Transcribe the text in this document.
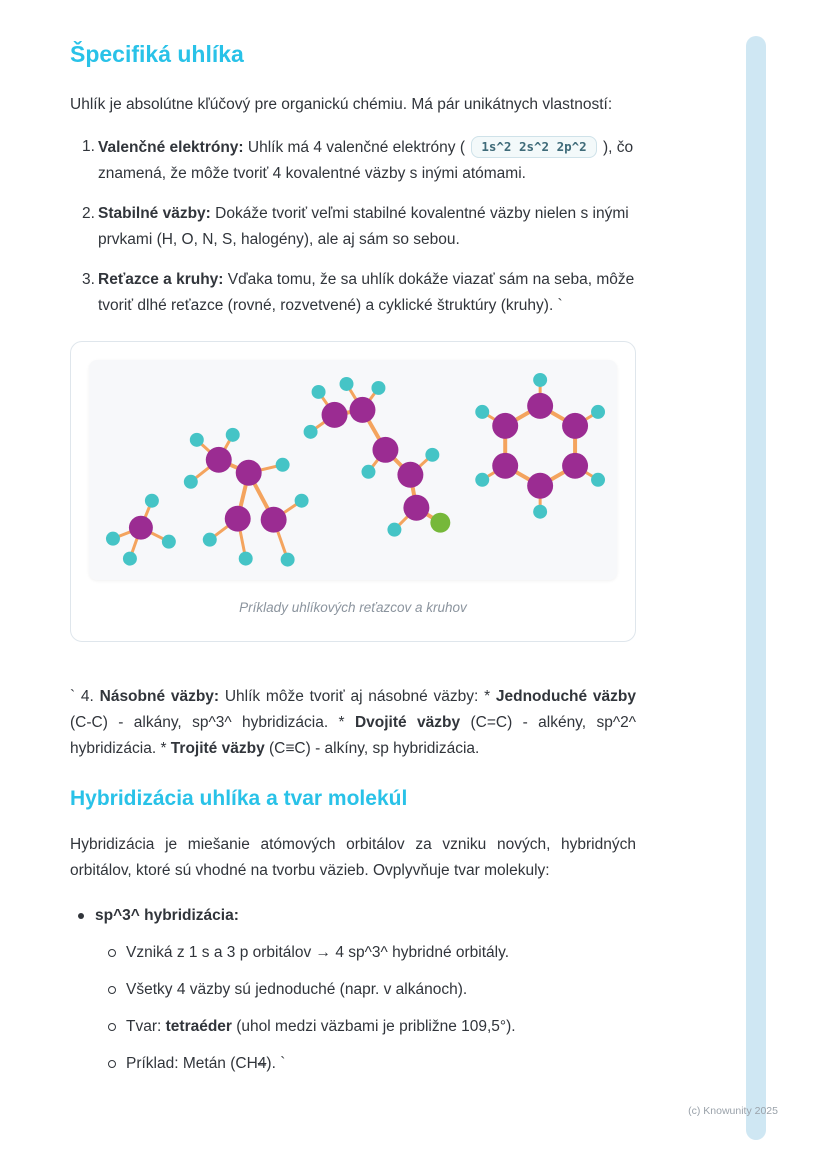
Špecifiká uhlíka

Uhlík je absolútne kľúčový pre organickú chémiu. Má pár unikátnych vlastností:

1. Valenčné elektróny: Uhlík má 4 valenčné elektróny ( 1s^2 2s^2 2p^2 ), čo znamená, že môže tvoriť 4 kovalentné väzby s inými atómami.

2. Stabilné väzby: Dokáže tvoriť veľmi stabilné kovalentné väzby nielen s inými prvkami (H, O, N, S, halogény), ale aj sám so sebou.

3. Reťazce a kruhy: Vďaka tomu, že sa uhlík dokáže viazať sám na seba, môže tvoriť dlhé reťazce (rovné, rozvetvené) a cyklické štruktúry (kruhy). `

Príklady uhlíkových reťazcov a kruhov

` 4. Násobné väzby: Uhlík môže tvoriť aj násobné väzby: * Jednoduché väzby (C-C) - alkány, sp^3^ hybridizácia. * Dvojité väzby (C=C) - alkény, sp^2^ hybridizácia. * Trojité väzby (C≡C) - alkíny, sp hybridizácia.

Hybridizácia uhlíka a tvar molekúl

Hybridizácia je miešanie atómových orbitálov za vzniku nových, hybridných orbitálov, ktoré sú vhodné na tvorbu väzieb. Ovplyvňuje tvar molekuly:

sp^3^ hybridizácia:

Vzniká z 1 s a 3 p orbitálov → 4 sp^3^ hybridné orbitály.

Všetky 4 väzby sú jednoduché (napr. v alkánoch).

Tvar: tetraéder (uhol medzi väzbami je približne 109,5°).

Príklad: Metán (CH4). `

(c) Knowunity 2025
